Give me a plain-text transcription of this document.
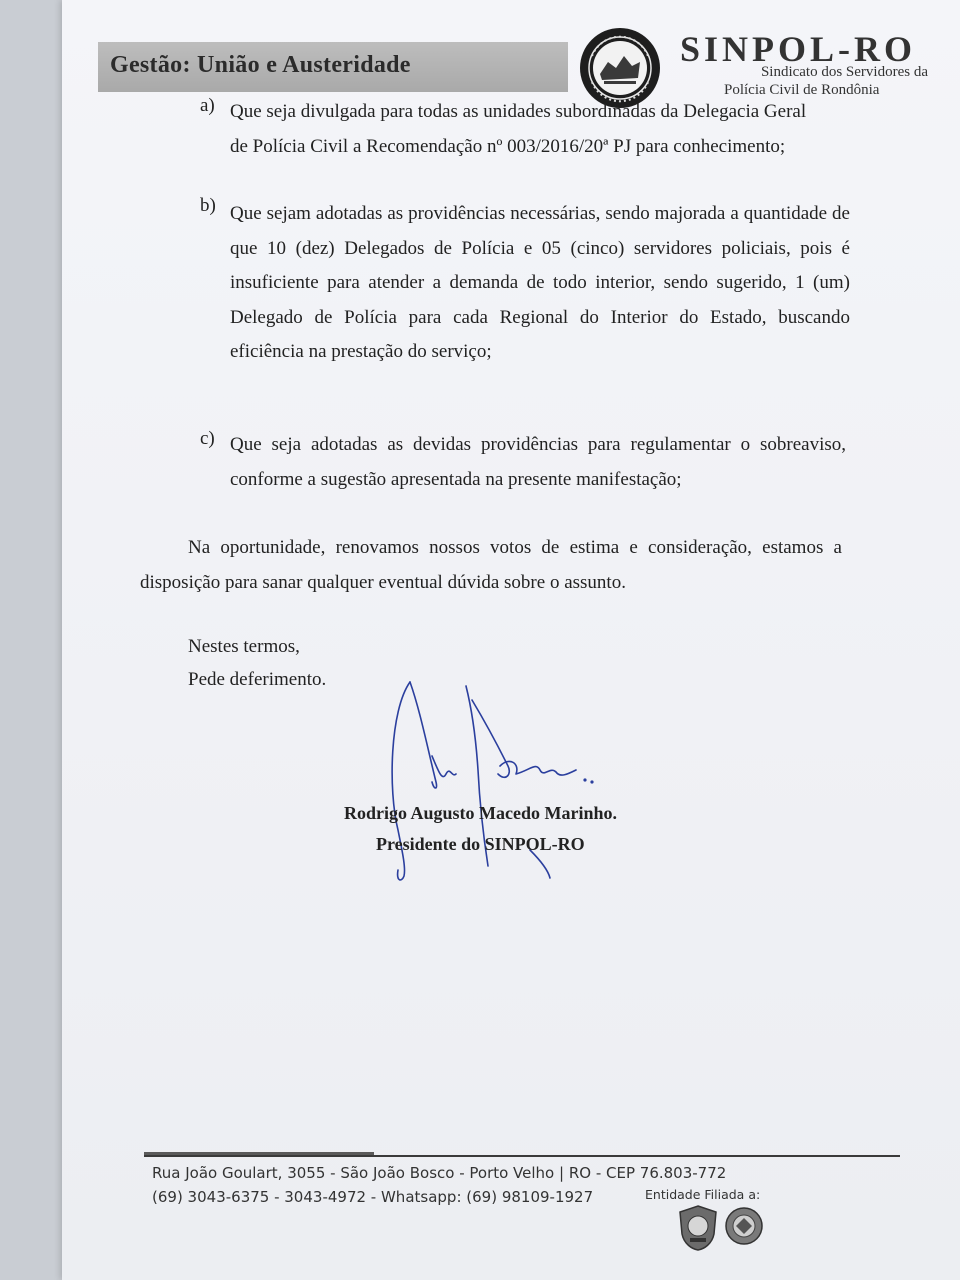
Gestão: União e Austeridade	SINPOL-RO
Sindicato dos Servidores da
Polícia Civil de Rondônia
a) Que seja divulgada para todas as unidades subordinadas da Delegacia Geral
de Polícia Civil a Recomendação nº 003/2016/20ª PJ para conhecimento;
b) Que sejam adotadas as providências necessárias, sendo majorada a quantidade de que 10 (dez) Delegados de Polícia e 05 (cinco) servidores policiais, pois é insuficiente para atender a demanda de todo interior, sendo sugerido, 1 (um) Delegado de Polícia para cada Regional do Interior do Estado, buscando eficiência na prestação do serviço;
c) Que seja adotadas as devidas providências para regulamentar o sobreaviso, conforme a sugestão apresentada na presente manifestação;
Na oportunidade, renovamos nossos votos de estima e consideração, estamos a disposição para sanar qualquer eventual dúvida sobre o assunto.
Nestes termos,
Pede deferimento.
Rodrigo Augusto Macedo Marinho.
Presidente do SINPOL-RO
Rua João Goulart, 3055 - São João Bosco - Porto Velho | RO - CEP 76.803-772
(69) 3043-6375 - 3043-4972 - Whatsapp: (69) 98109-1927	Entidade Filiada a:
